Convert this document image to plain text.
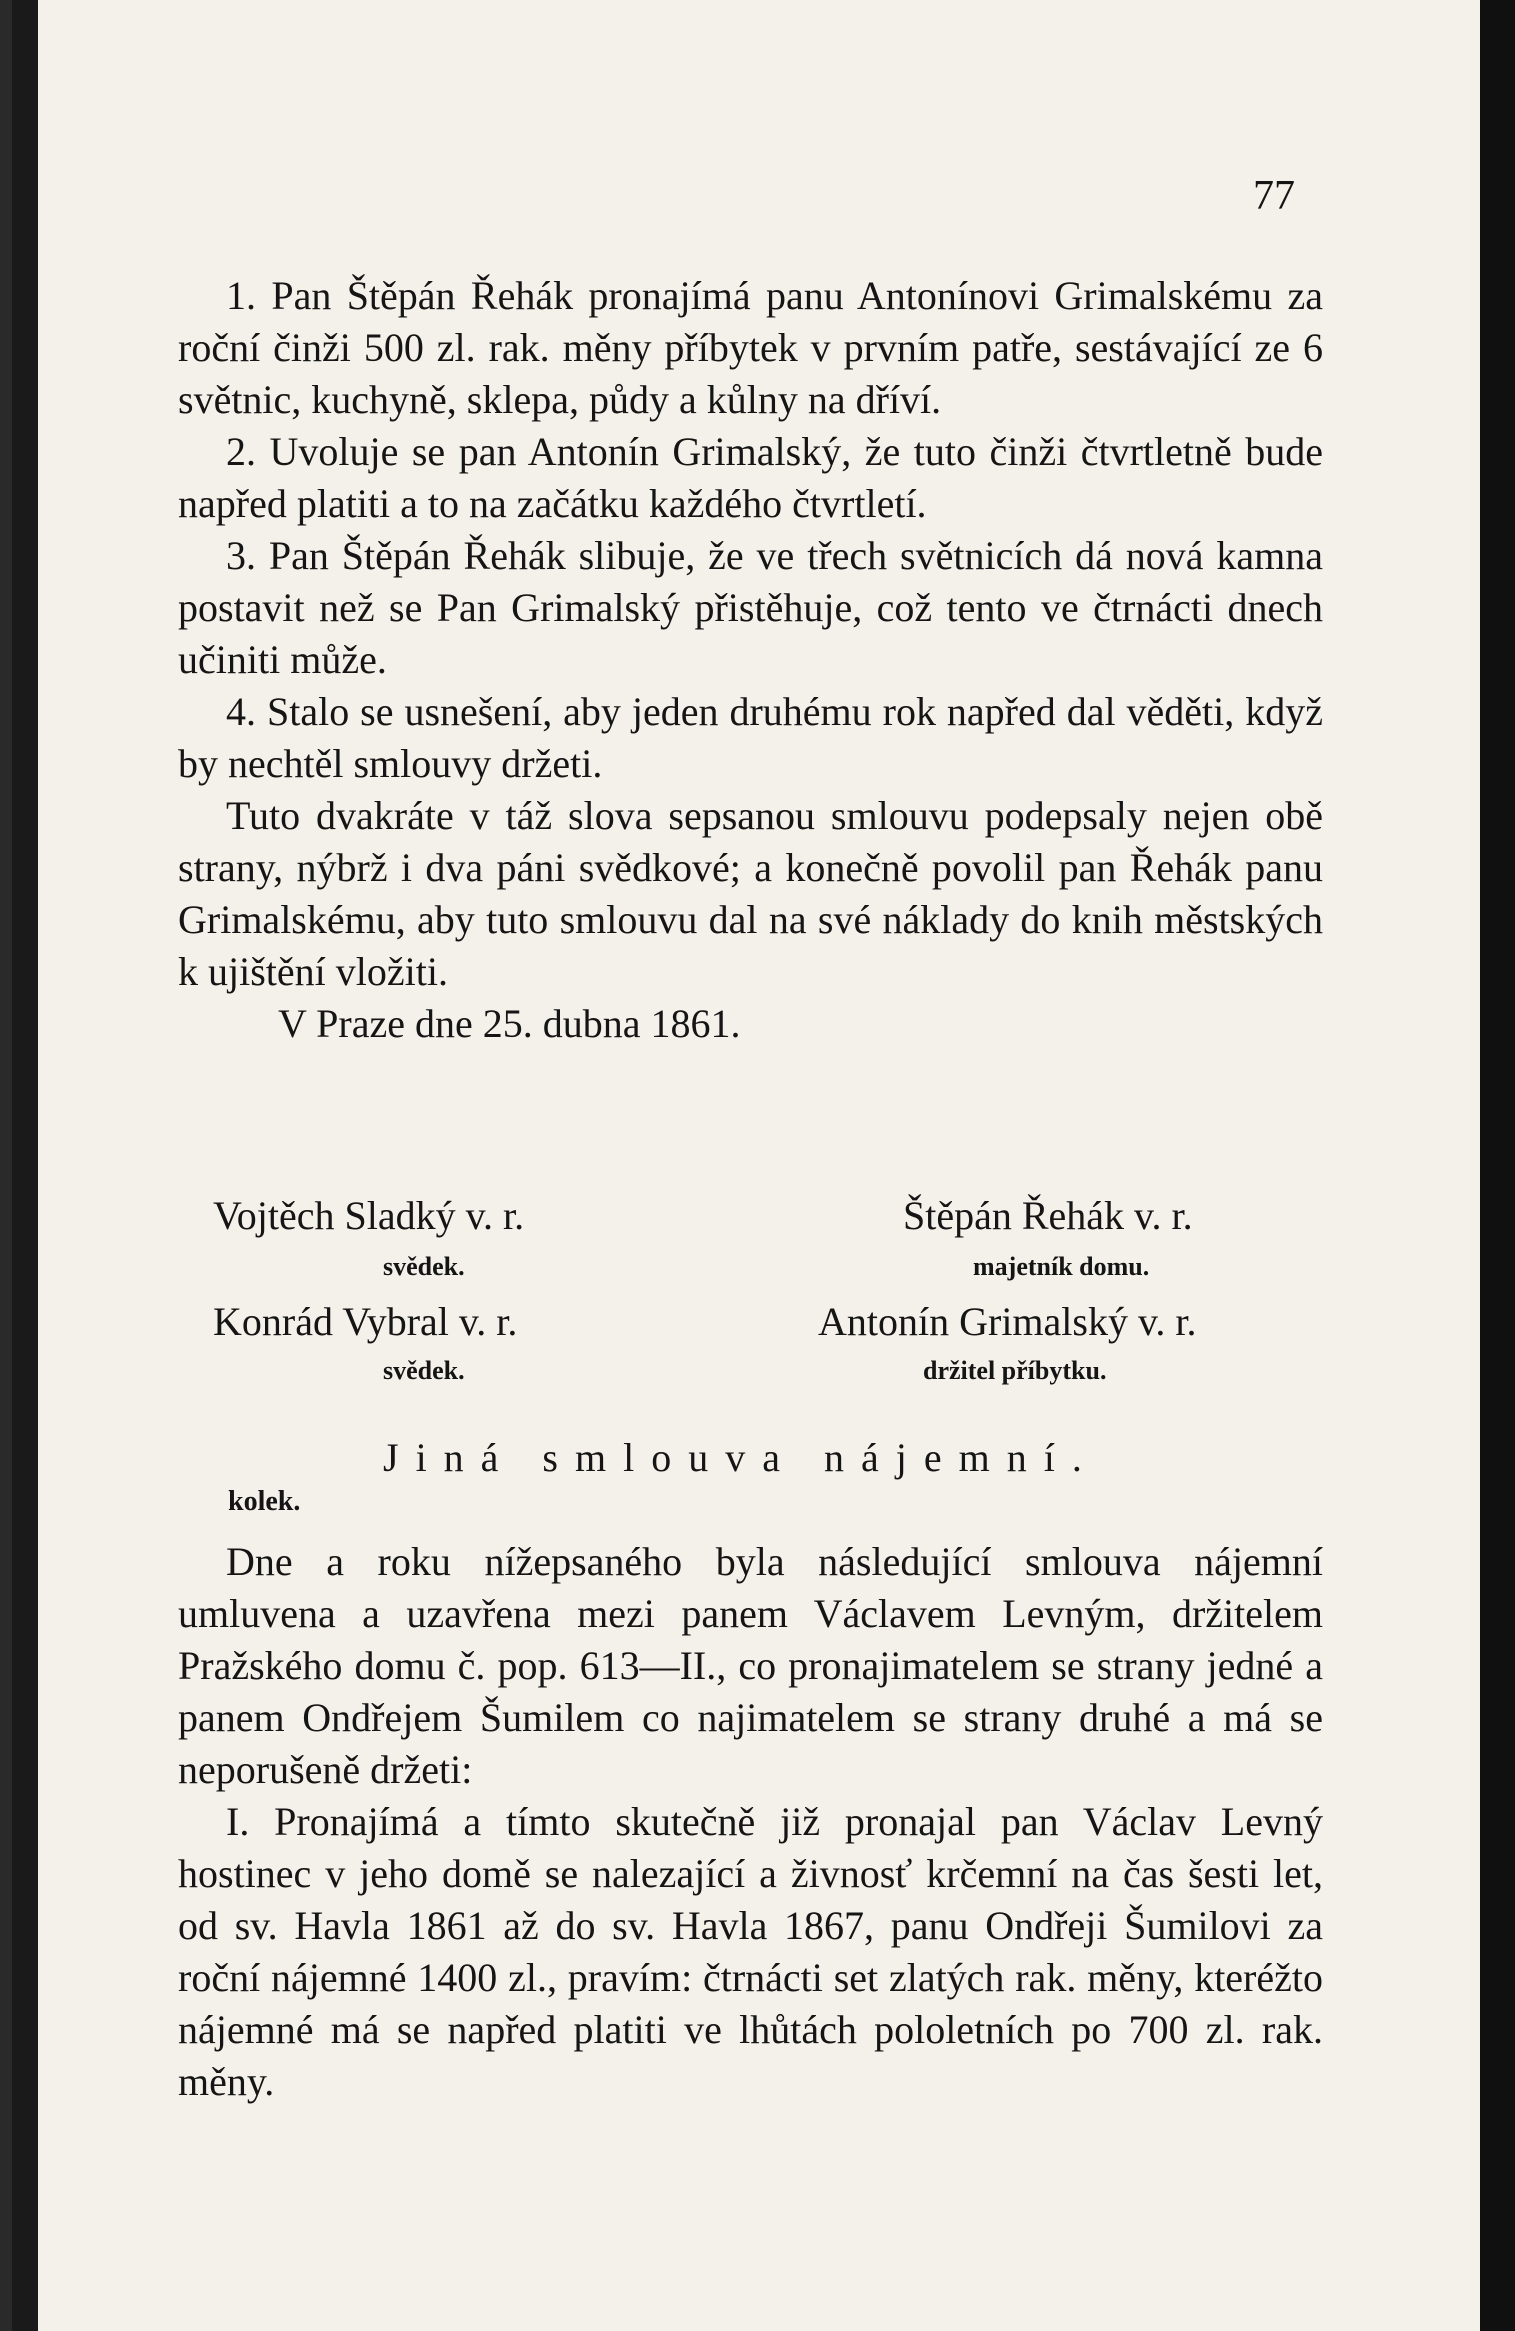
77

1. Pan Štěpán Řehák pronajímá panu Antonínovi Grimalskému za roční činži 500 zl. rak. měny příbytek v prvním patře, sestávající ze 6 světnic, kuchyně, sklepa, půdy a kůlny na dříví.

2. Uvoluje se pan Antonín Grimalský, že tuto činži čtvrtletně bude napřed platiti a to na začátku každého čtvrtletí.

3. Pan Štěpán Řehák slibuje, že ve třech světnicích dá nová kamna postavit než se Pan Grimalský přistěhuje, což tento ve čtrnácti dnech učiniti může.

4. Stalo se usnešení, aby jeden druhému rok napřed dal věděti, když by nechtěl smlouvy držeti.

Tuto dvakráte v táž slova sepsanou smlouvu podepsaly nejen obě strany, nýbrž i dva páni svědkové; a konečně povolil pan Řehák panu Grimalskému, aby tuto smlouvu dal na své náklady do knih městských k ujištění vložiti.

V Praze dne 25. dubna 1861.

Vojtěch Sladký v. r.
svědek.
Štěpán Řehák v. r.
majetník domu.
Konrád Vybral v. r.
svědek.
Antonín Grimalský v. r.
držitel příbytku.
Jiná smlouva nájemní.
kolek.

Dne a roku nížepsaného byla následující smlouva nájemní umluvena a uzavřena mezi panem Václavem Levným, držitelem Pražského domu č. pop. 613—II., co pronajimatelem se strany jedné a panem Ondřejem Šumilem co najimatelem se strany druhé a má se neporušeně držeti:

I. Pronajímá a tímto skutečně již pronajal pan Václav Levný hostinec v jeho domě se nalezající a živnosť krčemní na čas šesti let, od sv. Havla 1861 až do sv. Havla 1867, panu Ondřeji Šumilovi za roční nájemné 1400 zl., pravím: čtrnácti set zlatých rak. měny, kteréžto nájemné má se napřed platiti ve lhůtách pololetních po 700 zl. rak. měny.
